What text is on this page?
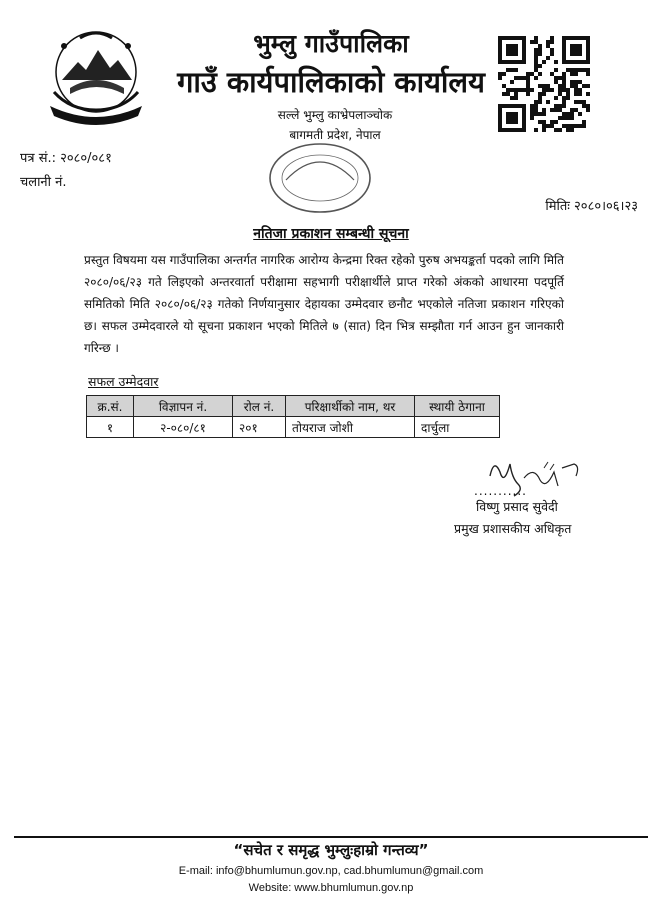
भुम्लु गाउँपालिका
गाउँ कार्यपालिकाको कार्यालय
सल्ले भुम्लु काभ्रेपलाञ्चोक
बागमती प्रदेश, नेपाल
पत्र सं.: २०८०/०८१
चलानी नं.
मितिः २०८०।०६।२३
नतिजा प्रकाशन सम्बन्धी सूचना
प्रस्तुत विषयमा यस गाउँपालिका अन्तर्गत नागरिक आरोग्य केन्द्रमा रिक्त रहेको पुरुष अभयङ्कर्ता पदको लागि मिति २०८०/०६/२३ गते लिइएको अन्तरवार्ता परीक्षामा सहभागी परीक्षार्थीले प्राप्त गरेको अंकको आधारमा पदपूर्ति समितिको मिति २०८०/०६/२३ गतेको निर्णयानुसार देहायका उम्मेदवार छनौट भएकोले नतिजा प्रकाशन गरिएको छ। सफल उम्मेदवारले यो सूचना प्रकाशन भएको मितिले ७ (सात) दिन भित्र सम्झौता गर्न आउन हुन जानकारी गरिन्छ ।
सफल उम्मेदवार
क्र.सं.	विज्ञापन नं.	रोल नं.	परिक्षार्थीको नाम, थर	स्थायी ठेगाना
१	२-०८०/८१	२०१	तोयराज जोशी	दार्चुला
...........
विष्णु प्रसाद सुवेदी
प्रमुख प्रशासकीय अधिकृत
“सचेत र समृद्ध भुम्लुःहाम्रो गन्तव्य”
E-mail: info@bhumlumun.gov.np, cad.bhumlumun@gmail.com
Website: www.bhumlumun.gov.np
